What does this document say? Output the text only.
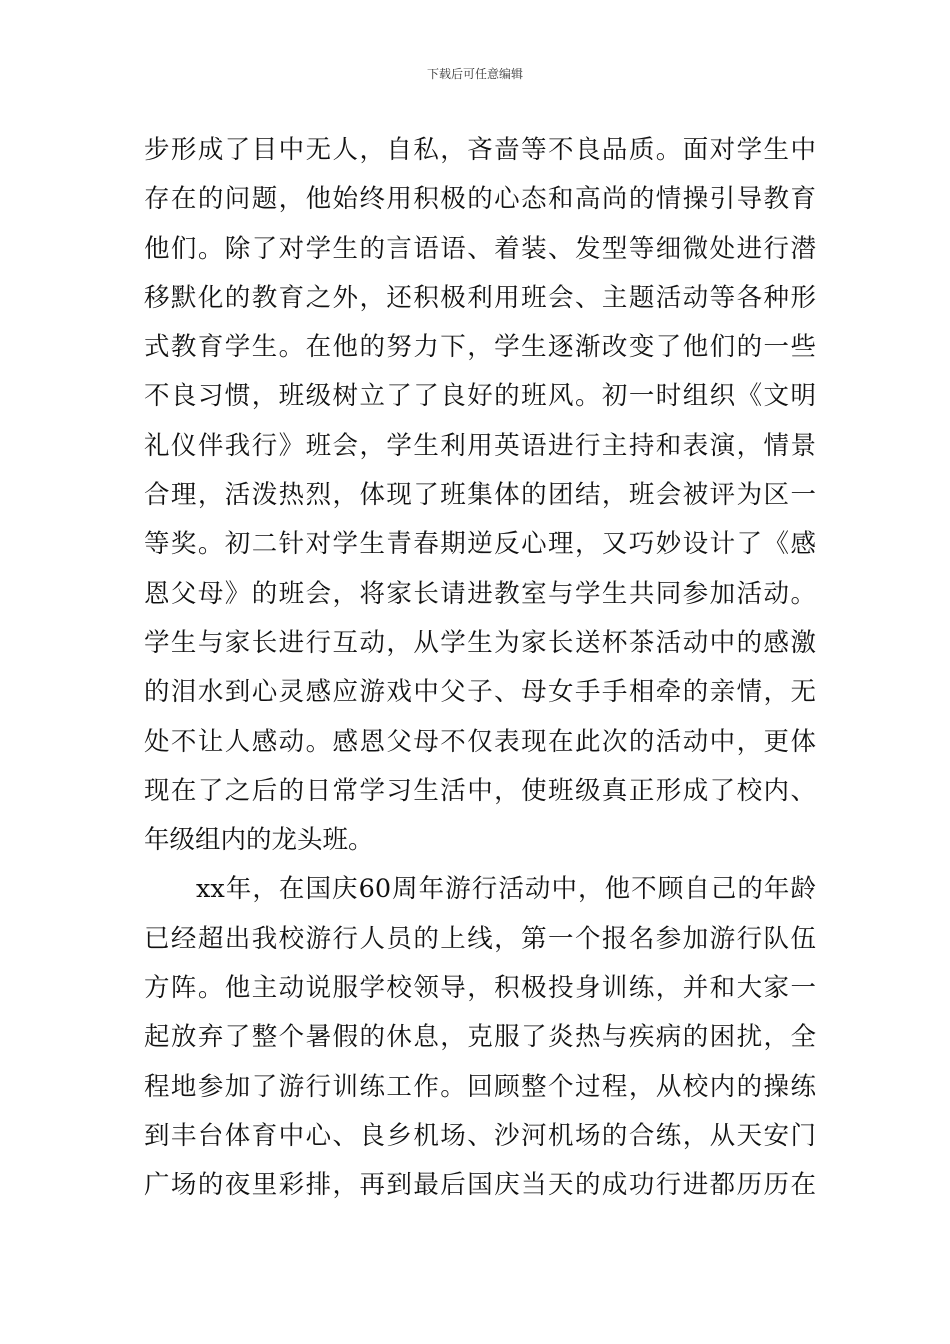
下载后可任意编辑
步形成了目中无人，自私，吝啬等不良品质。面对学生中
存在的问题，他始终用积极的心态和高尚的情操引导教育
他们。除了对学生的言语语、着装、发型等细微处进行潜
移默化的教育之外，还积极利用班会、主题活动等各种形
式教育学生。在他的努力下，学生逐渐改变了他们的一些
不良习惯，班级树立了了良好的班风。初一时组织《文明
礼仪伴我行》班会，学生利用英语进行主持和表演，情景
合理，活泼热烈，体现了班集体的团结，班会被评为区一
等奖。初二针对学生青春期逆反心理，又巧妙设计了《感
恩父母》的班会，将家长请进教室与学生共同参加活动。
学生与家长进行互动，从学生为家长送杯茶活动中的感激
的泪水到心灵感应游戏中父子、母女手手相牵的亲情，无
处不让人感动。感恩父母不仅表现在此次的活动中，更体
现在了之后的日常学习生活中，使班级真正形成了校内、
年级组内的龙头班。
xx年，在国庆60周年游行活动中，他不顾自己的年龄
已经超出我校游行人员的上线，第一个报名参加游行队伍
方阵。他主动说服学校领导，积极投身训练，并和大家一
起放弃了整个暑假的休息，克服了炎热与疾病的困扰，全
程地参加了游行训练工作。回顾整个过程，从校内的操练
到丰台体育中心、良乡机场、沙河机场的合练，从天安门
广场的夜里彩排，再到最后国庆当天的成功行进都历历在
